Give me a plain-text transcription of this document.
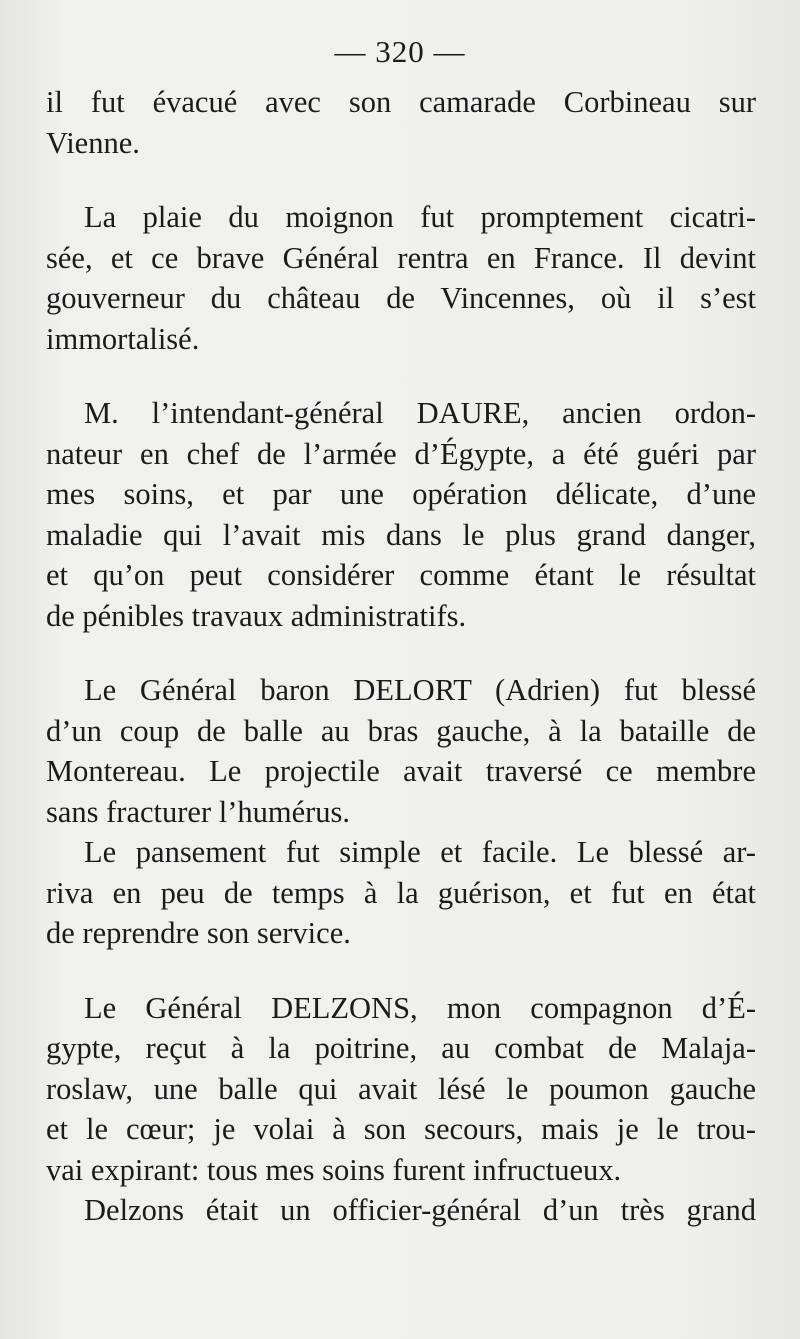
— 320 —
il fut évacué avec son camarade Corbineau sur
Vienne.
La plaie du moignon fut promptement cicatri-
sée, et ce brave Général rentra en France. Il devint
gouverneur du château de Vincennes, où il s’est
immortalisé.
M. l’intendant-général DAURE, ancien ordon-
nateur en chef de l’armée d’Égypte, a été guéri par
mes soins, et par une opération délicate, d’une
maladie qui l’avait mis dans le plus grand danger,
et qu’on peut considérer comme étant le résultat
de pénibles travaux administratifs.
Le Général baron DELORT (Adrien) fut blessé
d’un coup de balle au bras gauche, à la bataille de
Montereau. Le projectile avait traversé ce membre
sans fracturer l’humérus.
Le pansement fut simple et facile. Le blessé ar-
riva en peu de temps à la guérison, et fut en état
de reprendre son service.
Le Général DELZONS, mon compagnon d’É-
gypte, reçut à la poitrine, au combat de Malaja-
roslaw, une balle qui avait lésé le poumon gauche
et le cœur; je volai à son secours, mais je le trou-
vai expirant: tous mes soins furent infructueux.
Delzons était un officier-général d’un très grand
